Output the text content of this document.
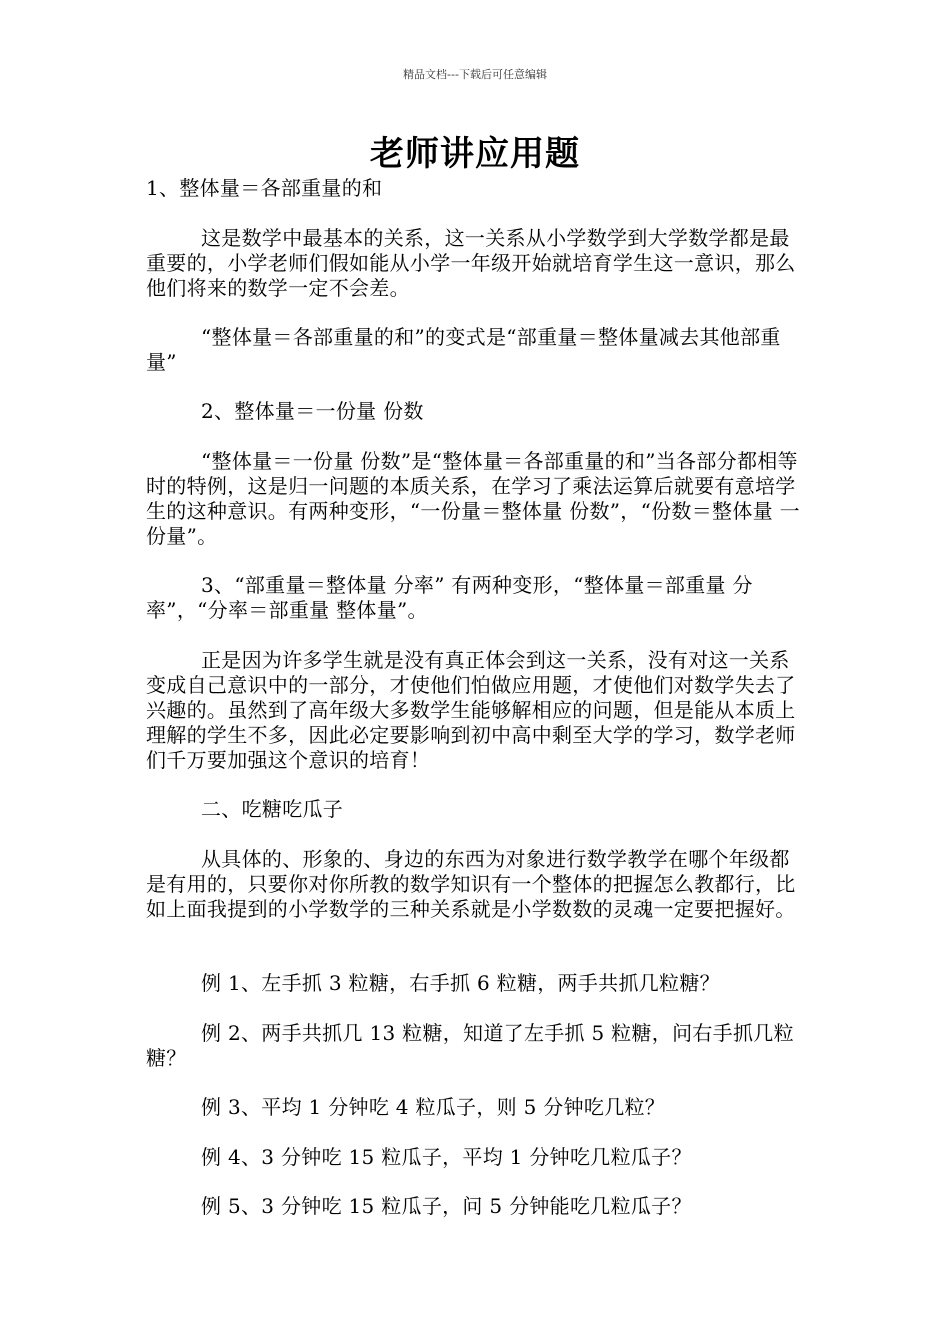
精品文档---下载后可任意编辑
老师讲应用题
1、整体量＝各部重量的和
这是数学中最基本的关系，这一关系从小学数学到大学数学都是最重要的，小学老师们假如能从小学一年级开始就培育学生这一意识，那么他们将来的数学一定不会差。
“整体量＝各部重量的和”的变式是“部重量＝整体量减去其他部重量”
2、整体量＝一份量 份数
“整体量＝一份量 份数”是“整体量＝各部重量的和”当各部分都相等时的特例，这是归一问题的本质关系，在学习了乘法运算后就要有意培学生的这种意识。有两种变形，“一份量＝整体量 份数”，“份数＝整体量 一份量”。
3、“部重量＝整体量 分率” 有两种变形，“整体量＝部重量 分率”，“分率＝部重量 整体量”。
正是因为许多学生就是没有真正体会到这一关系，没有对这一关系变成自己意识中的一部分，才使他们怕做应用题，才使他们对数学失去了兴趣的。虽然到了高年级大多数学生能够解相应的问题，但是能从本质上理解的学生不多，因此必定要影响到初中高中剩至大学的学习，数学老师们千万要加强这个意识的培育！
二、吃糖吃瓜子
从具体的、形象的、身边的东西为对象进行数学教学在哪个年级都是有用的，只要你对你所教的数学知识有一个整体的把握怎么教都行，比如上面我提到的小学数学的三种关系就是小学数数的灵魂一定要把握好。
例 1、左手抓 3 粒糖，右手抓 6 粒糖，两手共抓几粒糖？
例 2、两手共抓几 13 粒糖，知道了左手抓 5 粒糖，问右手抓几粒糖？
例 3、平均 1 分钟吃 4 粒瓜子，则 5 分钟吃几粒？
例 4、3 分钟吃 15 粒瓜子，平均 1 分钟吃几粒瓜子？
例 5、3 分钟吃 15 粒瓜子，问 5 分钟能吃几粒瓜子？
